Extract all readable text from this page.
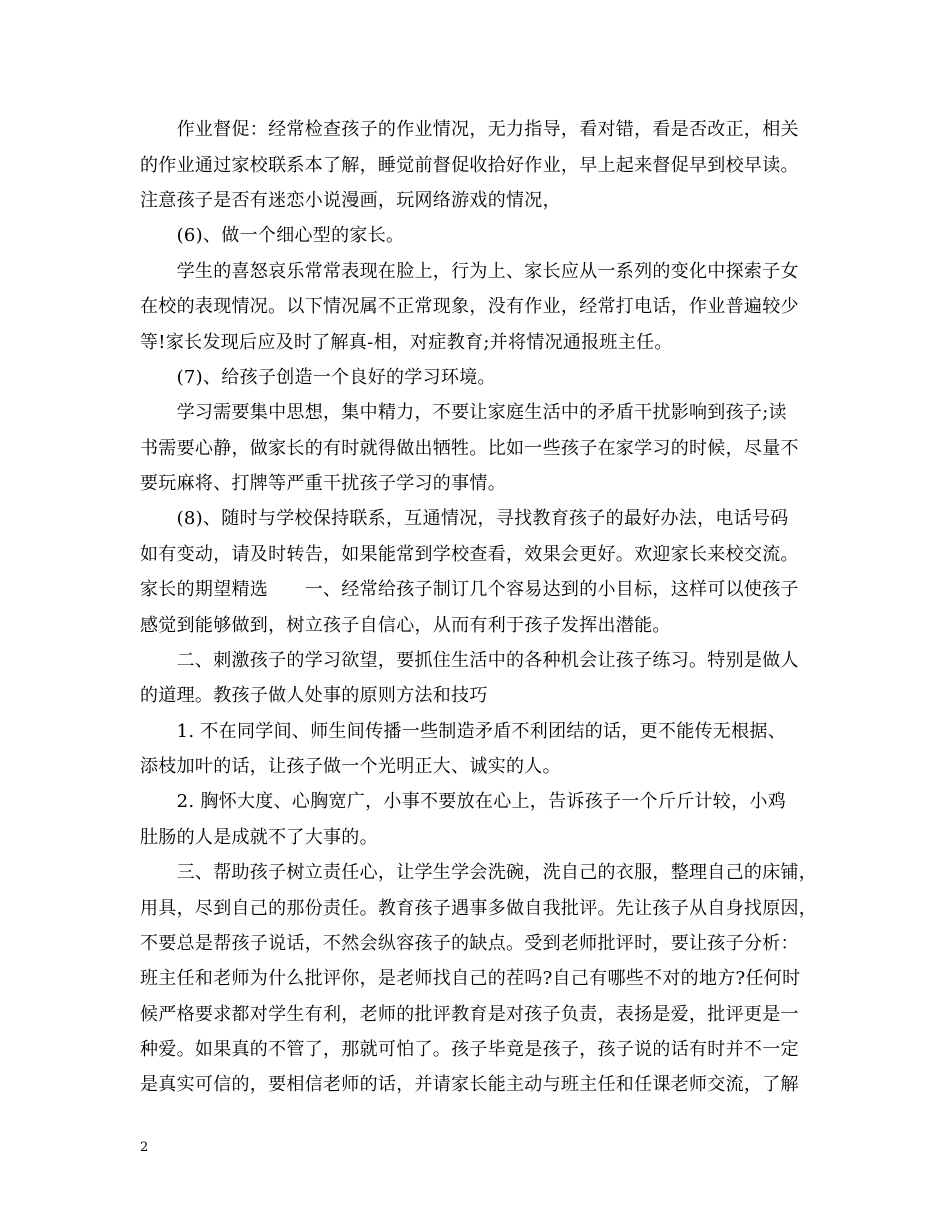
　　作业督促：经常检查孩子的作业情况，无力指导，看对错，看是否改正，相关
的作业通过家校联系本了解，睡觉前督促收拾好作业，早上起来督促早到校早读。
注意孩子是否有迷恋小说漫画，玩网络游戏的情况，
　　(6)、做一个细心型的家长。
　　学生的喜怒哀乐常常表现在脸上，行为上、家长应从一系列的变化中探索子女
在校的表现情况。以下情况属不正常现象，没有作业，经常打电话，作业普遍较少
等!家长发现后应及时了解真-相，对症教育;并将情况通报班主任。
　　(7)、给孩子创造一个良好的学习环境。
　　学习需要集中思想，集中精力，不要让家庭生活中的矛盾干扰影响到孩子;读
书需要心静，做家长的有时就得做出牺牲。比如一些孩子在家学习的时候，尽量不
要玩麻将、打牌等严重干扰孩子学习的事情。
　　(8)、随时与学校保持联系，互通情况，寻找教育孩子的最好办法，电话号码
如有变动，请及时转告，如果能常到学校查看，效果会更好。欢迎家长来校交流。
家长的期望精选　　一、经常给孩子制订几个容易达到的小目标，这样可以使孩子
感觉到能够做到，树立孩子自信心，从而有利于孩子发挥出潜能。
　　二、刺激孩子的学习欲望，要抓住生活中的各种机会让孩子练习。特别是做人
的道理。教孩子做人处事的原则方法和技巧
　　1. 不在同学间、师生间传播一些制造矛盾不利团结的话，更不能传无根据、
添枝加叶的话，让孩子做一个光明正大、诚实的人。
　　2. 胸怀大度、心胸宽广，小事不要放在心上，告诉孩子一个斤斤计较，小鸡
肚肠的人是成就不了大事的。
　　三、帮助孩子树立责任心，让学生学会洗碗，洗自己的衣服，整理自己的床铺，
用具，尽到自己的那份责任。教育孩子遇事多做自我批评。先让孩子从自身找原因，
不要总是帮孩子说话，不然会纵容孩子的缺点。受到老师批评时，要让孩子分析：
班主任和老师为什么批评你，是老师找自己的茬吗?自己有哪些不对的地方?任何时
候严格要求都对学生有利，老师的批评教育是对孩子负责，表扬是爱，批评更是一
种爱。如果真的不管了，那就可怕了。孩子毕竟是孩子，孩子说的话有时并不一定
是真实可信的，要相信老师的话，并请家长能主动与班主任和任课老师交流，了解
2
